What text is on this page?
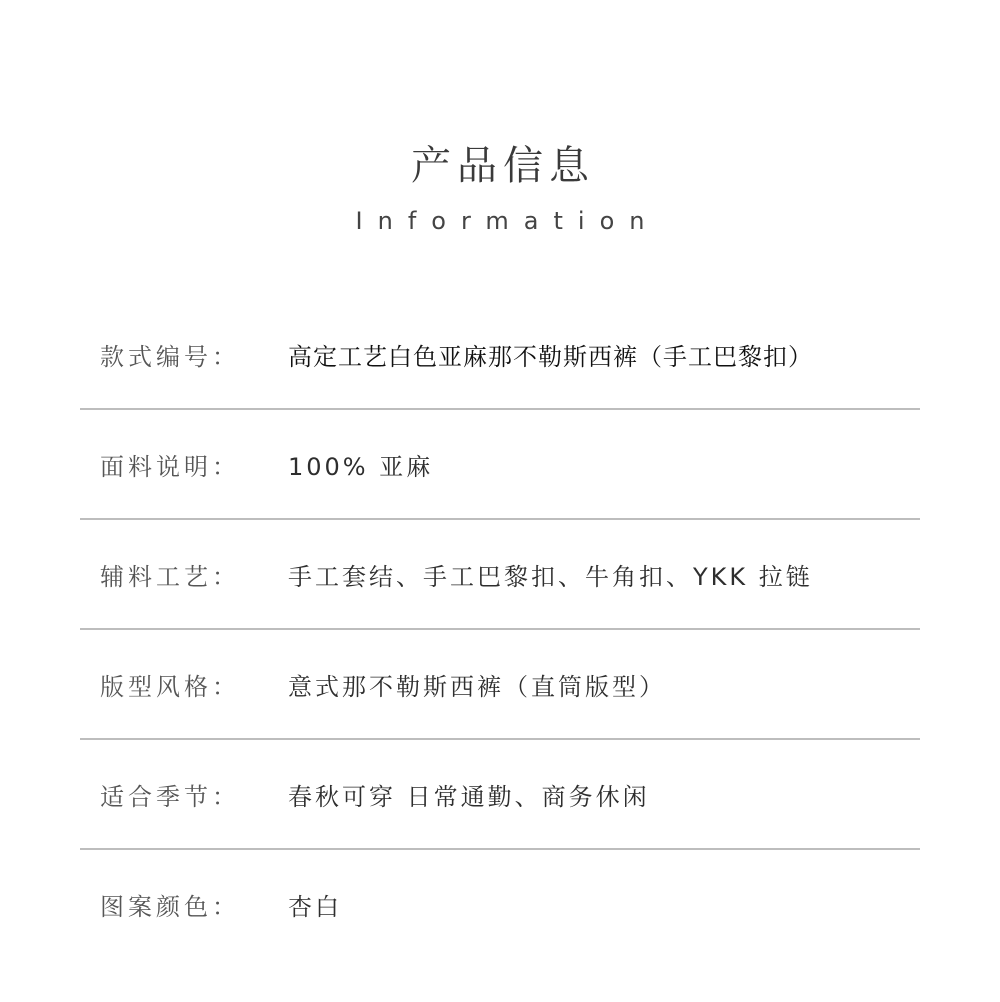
产品信息
Information
款式编号： 高定工艺白色亚麻那不勒斯西裤（手工巴黎扣）
面料说明： 100% 亚麻
辅料工艺： 手工套结、手工巴黎扣、牛角扣、YKK 拉链
版型风格： 意式那不勒斯西裤（直筒版型）
适合季节： 春秋可穿 日常通勤、商务休闲
图案颜色： 杏白
